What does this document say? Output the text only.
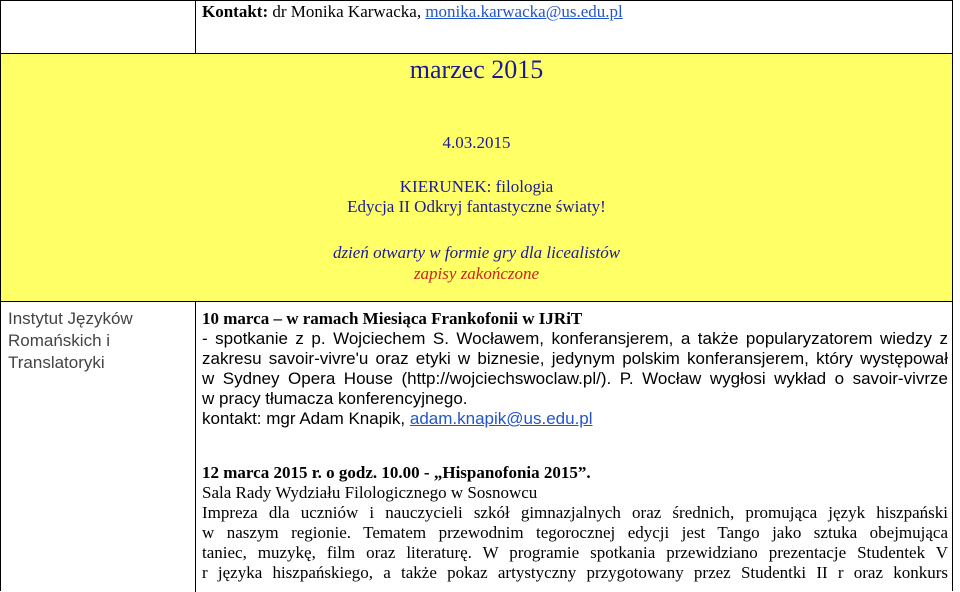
Kontakt: dr Monika Karwacka, monika.karwacka@us.edu.pl
marzec 2015
4.03.2015
KIERUNEK: filologia
Edycja II Odkryj fantastyczne światy!
dzień otwarty w formie gry dla licealistów
zapisy zakończone
Instytut Języków
Romańskich i
Translatoryki
10 marca – w ramach Miesiąca Frankofonii w IJRiT
- spotkanie z p. Wojciechem S. Wocławem, konferansjerem, a także popularyzatorem wiedzy z
zakresu savoir-vivre'u oraz etyki w biznesie, jedynym polskim konferansjerem, który występował
w Sydney Opera House (http://wojciechswoclaw.pl/). P. Wocław wygłosi wykład o savoir-vivrze
w pracy tłumacza konferencyjnego.
kontakt: mgr Adam Knapik, adam.knapik@us.edu.pl
12 marca 2015 r. o godz. 10.00 - „Hispanofonia 2015”.
Sala Rady Wydziału Filologicznego w Sosnowcu
Impreza dla uczniów i nauczycieli szkół gimnazjalnych oraz średnich, promująca język hiszpański
w naszym regionie. Tematem przewodnim tegorocznej edycji jest Tango jako sztuka obejmująca
taniec, muzykę, film oraz literaturę. W programie spotkania przewidziano prezentacje Studentek V
r języka hiszpańskiego, a także pokaz artystyczny przygotowany przez Studentki II r oraz konkurs
